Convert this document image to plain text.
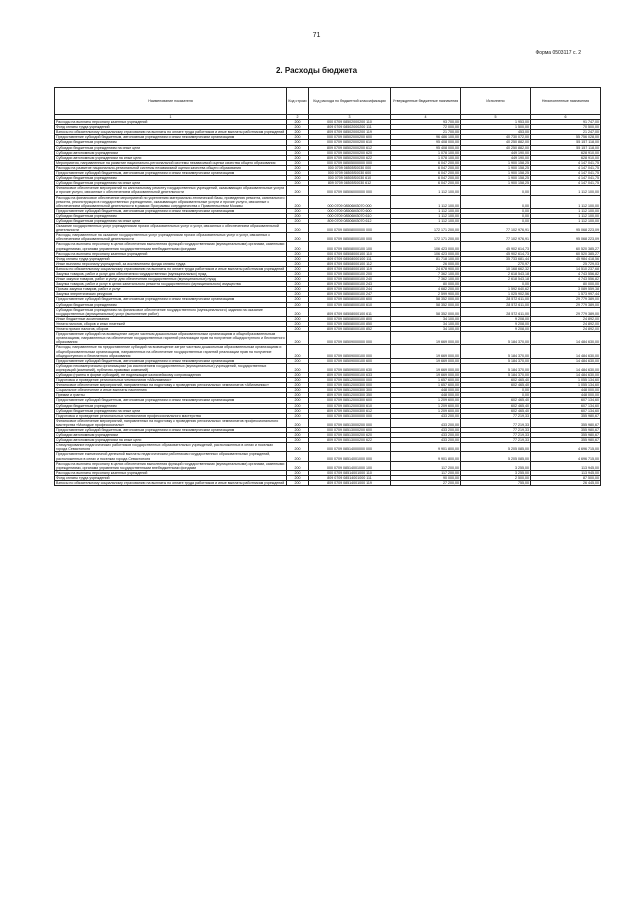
71
Форма 0503117 с. 2
2. Расходы бюджета
Наименование показателя	Код строки	Код расхода по бюджетной классификации	Утвержденные бюджетные назначения	Исполнено	Неисполненные назначения
1	2	3	4	5	6
Расходы на выплаты персоналу казенных учреждений	200	000 0709 08502000200 110	93 700,00	1 953,00	91 747,00
Фонд оплаты труда учреждений	200	809 0709 08502000200 111	72 000,00	1 500,00	70 500,00
Взносы по обязательному социальному страхованию на выплаты по оплате труда работников и иные выплаты работникам учреждений	200	809 0709 08502000200 119	21 700,00	453,00	21 247,00
Предоставление субсидий бюджетным, автономным учреждениям и иным некоммерческим организациям	200	000 0709 08502000200 600	96 486 100,00	40 730 072,00	55 756 028,00
Субсидии бюджетным учреждениям	200	000 0709 08502000200 610	95 408 000,00	40 250 882,00	55 157 118,00
Субсидии бюджетным учреждениям на иные цели	200	809 0709 08502000200 612	95 408 000,00	40 250 882,00	55 157 118,00
Субсидии автономным учреждениям	200	000 0709 08502000200 620	1 078 100,00	449 190,00	628 910,00
Субсидии автономным учреждениям на иные цели	200	809 0709 08502000200 622	1 078 100,00	449 190,00	628 910,00
Мероприятия, направленные на развитие национально-региональной системы независимой оценки качества общего образования	200	000 0709 08505000000 000	6 047 200,00	1 900 158,25	4 147 041,75
Расходы на развитие национально-региональной системы независимой оценки качества общего образования	200	000 0709 08505S0030 000	6 047 200,00	1 900 158,25	4 147 041,75
Предоставление субсидий бюджетным, автономным учреждениям и иным некоммерческим организациям	200	000 0709 08505S0030 600	6 047 200,00	1 900 158,25	4 147 041,75
Субсидии бюджетным учреждениям	200	000 0709 08505S0030 610	6 047 200,00	1 900 158,25	4 147 041,75
Субсидии бюджетным учреждениям на иные цели	200	809 0709 08505S0030 612	6 047 200,00	1 900 158,25	4 147 041,75
Финансовое обеспечение мероприятий по капитальному ремонту государственных учреждений, оказывающих образовательные услуги и прочие услуги, связанные с обеспечением образовательной деятельности	200	000 0709 08506000000 000	1 112 100,00	0,00	1 112 100,00
Расходы на финансовое обеспечение мероприятий по укреплению материально-технической базы, проведению ремонта, капитального ремонта, реконструкции в государственных учреждениях, оказывающих образовательные услуги и прочие услуги, связанные с обеспечением образовательной деятельности в рамках Программы сотрудничества с Правительством Москвы	200	000 0709 08506M3070 000	1 112 100,00	0,00	1 112 100,00
Предоставление субсидий бюджетным, автономным учреждениям и иным некоммерческим организациям	200	000 0709 08506M3070 600	1 112 100,00	0,00	1 112 100,00
Субсидии бюджетным учреждениям	200	000 0709 08506M3070 610	1 112 100,00	0,00	1 112 100,00
Субсидии бюджетным учреждениям на иные цели	200	809 0709 08506M3070 612	1 112 100,00	0,00	1 112 100,00
Оказание государственных услуг учреждениями прочих образовательных услуг и услуг, связанных с обеспечением образовательной деятельности	200	000 0709 08508000000 000	172 171 200,00	77 102 976,91	95 068 223,09
Расходы, направленные на оказание государственных услуг учреждениями прочих образовательных услуг и услуг, связанных с обеспечением образовательной деятельности	200	000 0709 08508000100 000	172 171 200,00	77 102 976,91	95 068 223,09
Расходы на выплаты персоналу в целях обеспечения выполнения функций государственными (муниципальными) органами, казенными учреждениями, органами управления государственными внебюджетными фондами	200	000 0709 08508000100 100	106 423 000,00	45 902 614,73	60 520 385,27
Расходы на выплаты персоналу казенных учреждений	200	000 0709 08508000100 110	106 423 000,00	45 902 614,73	60 520 385,27
Фонд оплаты труда учреждений	200	809 0709 08508000100 111	81 718 100,00	35 733 681,44	45 984 418,56
Иные выплаты персоналу учреждений, за исключением фонда оплаты труда	200	809 0709 08508000100 112	26 000,00	270,97	25 729,03
Взносы по обязательному социальному страхованию на выплаты по оплате труда работников и иные выплаты работникам учреждений	200	809 0709 08508000100 119	24 678 900,00	10 168 662,32	14 510 237,68
Закупка товаров, работ и услуг для обеспечения государственных (муниципальных) нужд	200	000 0709 08508000100 200	7 362 100,00	2 618 543,18	4 743 556,82
Иные закупки товаров, работ и услуг для обеспечения государственных (муниципальных) нужд	200	000 0709 08508000100 240	7 362 100,00	2 618 543,18	4 743 556,82
Закупка товаров, работ и услуг в целях капитального ремонта государственного (муниципального) имущества	200	809 0709 08508000100 243	80 000,00	0,00	80 000,00
Прочая закупка товаров, работ и услуг	200	809 0709 08508000100 244	4 682 200,00	1 592 640,62	3 089 559,38
Закупка энергетических ресурсов	200	809 0709 08508000100 247	2 599 900,00	1 025 902,56	1 573 997,44
Предоставление субсидий бюджетным, автономным учреждениям и иным некоммерческим организациям	200	000 0709 08508000100 600	58 352 000,00	28 572 611,00	29 779 389,00
Субсидии бюджетным учреждениям	200	000 0709 08508000100 610	58 352 000,00	28 572 611,00	29 779 389,00
Субсидии бюджетным учреждениям на финансовое обеспечение государственного (муниципального) задания на оказание государственных (муниципальных) услуг (выполнение работ)	200	809 0709 08508000100 611	58 352 000,00	28 572 611,00	29 779 389,00
Иные бюджетные ассигнования	200	000 0709 08508000100 800	34 100,00	9 208,00	24 892,00
Уплата налогов, сборов и иных платежей	200	000 0709 08508000100 850	34 100,00	9 208,00	24 892,00
Уплата прочих налогов, сборов	200	809 0709 08508000100 852	34 100,00	9 208,00	24 892,00
Предоставление субсидий на возмещение затрат частным дошкольным образовательным организациям и общеобразовательным организациям, направленных на обеспечение государственных гарантий реализации прав на получение общедоступного и бесплатного образования	200	000 0709 08509000000 000	19 669 000,00	5 184 370,00	14 484 630,00
Расходы, направленные на предоставление субсидий на возмещение затрат частным дошкольным образовательным организациям и общеобразовательным организациям, направленных на обеспечение государственных гарантий реализации прав на получение общедоступного и бесплатного образования	200	000 0709 08509000100 000	19 669 000,00	5 184 370,00	14 484 630,00
Предоставление субсидий бюджетным, автономным учреждениям и иным некоммерческим организациям	200	000 0709 08509000100 600	19 669 000,00	5 184 370,00	14 484 630,00
Субсидии некоммерческим организациям (за исключением государственных (муниципальных) учреждений, государственных корпораций (компаний), публично-правовых компаний)	200	000 0709 08509000100 630	19 669 000,00	5 184 370,00	14 484 630,00
Субсидии (гранты в форме субсидий), не подлежащие казначейскому сопровождению	200	809 0709 08509000100 633	19 669 000,00	5 184 370,00	14 484 630,00
Подготовка и проведение региональных чемпионатов «Абилимпикс»	200	000 0709 08512000000 000	1 657 600,00	602 465,40	1 055 134,60
Финансовое обеспечение мероприятий, направленных на подготовку к проведению региональных чемпионатов «Абилимпикс»	200	000 0709 08512000300 000	1 657 600,00	602 465,40	1 055 134,60
Социальное обеспечение и иные выплаты населению	200	000 0709 08512000300 300	448 000,00	0,00	448 000,00
Премии и гранты	200	809 0709 08512000300 350	448 000,00	0,00	448 000,00
Предоставление субсидий бюджетным, автономным учреждениям и иным некоммерческим организациям	200	000 0709 08512000300 600	1 209 600,00	602 465,40	607 134,60
Субсидии бюджетным учреждениям	200	000 0709 08512000300 610	1 209 600,00	602 465,40	607 134,60
Субсидии бюджетным учреждениям на иные цели	200	809 0709 08512000300 612	1 209 600,00	602 465,40	607 134,60
Подготовка и проведение региональных чемпионатов профессионального мастерства	200	000 0709 08513000000 000	433 200,00	77 219,33	355 980,67
Финансовое обеспечение мероприятий, направленных на подготовку к проведению региональных чемпионатов профессионального мастерства «Молодые профессионалы»	200	000 0709 08513000200 000	433 200,00	77 219,33	355 980,67
Предоставление субсидий бюджетным, автономным учреждениям и иным некоммерческим организациям	200	000 0709 08513000200 600	433 200,00	77 219,33	355 980,67
Субсидии автономным учреждениям	200	000 0709 08513000200 620	433 200,00	77 219,33	355 980,67
Субсидии автономным учреждениям на иные цели	200	809 0709 08513000200 622	433 200,00	77 219,33	355 980,67
Стимулирование педагогических работников государственных образовательных учреждений, расположенных в селах и поселках города Севастополя	200	000 0709 08514000000 000	9 901 800,00	5 205 085,00	4 696 715,00
Предоставление ежемесячной денежной выплаты педагогическим работникам государственных образовательных учреждений, расположенных в селах и поселках города Севастополя	200	000 0709 08514001000 000	9 901 800,00	5 205 085,00	4 696 715,00
Расходы на выплаты персоналу в целях обеспечения выполнения функций государственными (муниципальными) органами, казенными учреждениями, органами управления государственными внебюджетными фондами	200	000 0709 08514001000 100	117 200,00	3 255,00	113 945,00
Расходы на выплаты персоналу казенных учреждений	200	000 0709 08514001000 110	117 200,00	3 255,00	113 945,00
Фонд оплаты труда учреждений	200	809 0709 08514001000 111	90 000,00	2 500,00	87 500,00
Взносы по обязательному социальному страхованию на выплаты по оплате труда работников и иные выплаты работникам учреждений	200	809 0709 08514001000 119	27 200,00	755,00	26 445,00
